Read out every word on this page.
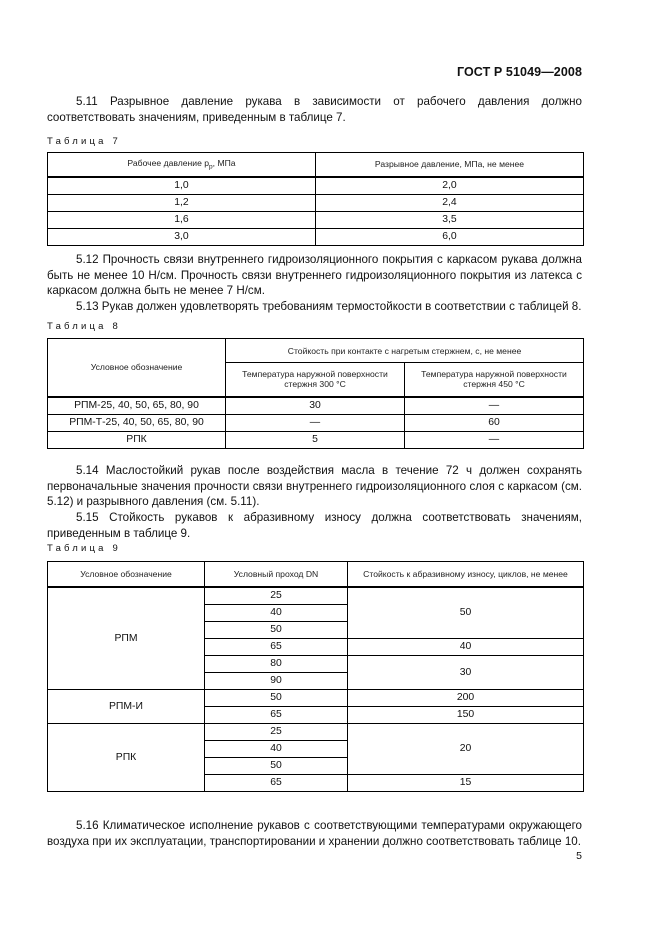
ГОСТ Р 51049—2008
5.11 Разрывное давление рукава в зависимости от рабочего давления должно соответствовать значениям, приведенным в таблице 7.
Таблица 7
Рабочее давление $p_р$, МПа	Разрывное давление, МПа, не менее
1,0	2,0
1,2	2,4
1,6	3,5
3,0	6,0
5.12 Прочность связи внутреннего гидроизоляционного покрытия с каркасом рукава должна быть не менее 10 Н/см. Прочность связи внутреннего гидроизоляционного покрытия из латекса с каркасом должна быть не менее 7 Н/см.
5.13 Рукав должен удовлетворять требованиям термостойкости в соответствии с таблицей 8.
Таблица 8
Условное обозначение	Стойкость при контакте с нагретым стержнем, с, не менее	
	Температура наружной поверхности стержня 300 °С	Температура наружной поверхности стержня 450 °С
РПМ-25, 40, 50, 65, 80, 90	30	—
РПМ-Т-25, 40, 50, 65, 80, 90	—	60
РПК	5	—
5.14 Маслостойкий рукав после воздействия масла в течение 72 ч должен сохранять первоначальные значения прочности связи внутреннего гидроизоляционного слоя с каркасом (см. 5.12) и разрывного давления (см. 5.11).
5.15 Стойкость рукавов к абразивному износу должна соответствовать значениям, приведенным в таблице 9.
Таблица 9
Условное обозначение	Условный проход DN	Стойкость к абразивному износу, циклов, не менее
РПМ	25	50
	40	
	50	
	65	40
	80	30
	90	
РПМ-И	50	200
	65	150
РПК	25	20
	40	
	50	
	65	15
5.16 Климатическое исполнение рукавов с соответствующими температурами окружающего воздуха при их эксплуатации, транспортировании и хранении должно соответствовать таблице 10.
5
